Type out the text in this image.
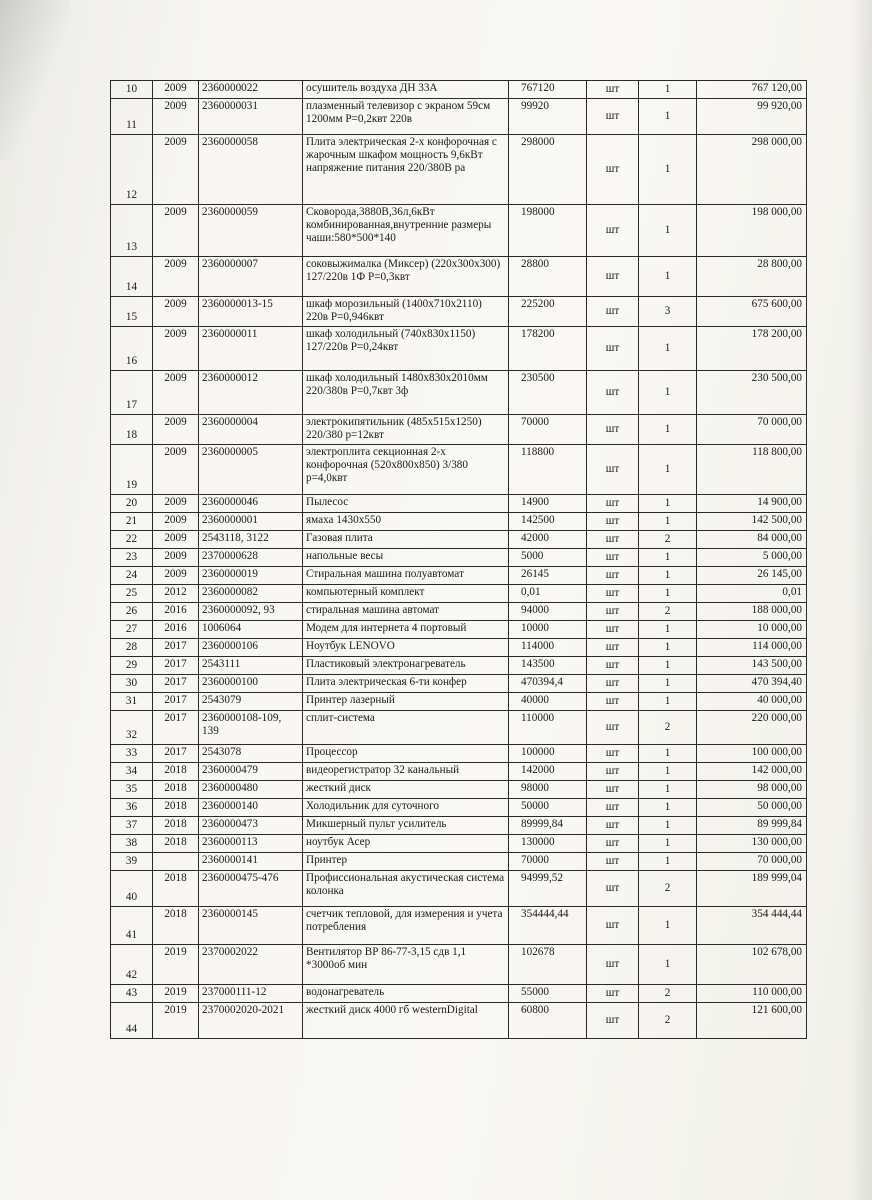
10	2009	2360000022	осушитель воздуха ДН 33А	767120	шт	1	767 120,00
11	2009	2360000031	плазменный телевизор с экраном 59см 1200мм Р=0,2квт 220в	99920	шт	1	99 920,00
12	2009	2360000058	Плита электрическая 2-х конфорочная с жарочным шкафом мощность 9,6кВт напряжение питания 220/380В ра	298000	шт	1	298 000,00
13	2009	2360000059	Сковорода,3880В,36л,6кВт комбинированная,внутренние размеры чаши:580*500*140	198000	шт	1	198 000,00
14	2009	2360000007	соковыжималка (Миксер) (220х300х300) 127/220в 1Ф Р=0,3квт	28800	шт	1	28 800,00
15	2009	2360000013-15	шкаф морозильный (1400х710х2110) 220в Р=0,946квт	225200	шт	3	675 600,00
16	2009	2360000011	шкаф холодильный (740х830х1150) 127/220в Р=0,24квт	178200	шт	1	178 200,00
17	2009	2360000012	шкаф холодильный 1480х830х2010мм 220/380в Р=0,7квт 3ф	230500	шт	1	230 500,00
18	2009	2360000004	электрокипятильник (485х515х1250) 220/380 р=12квт	70000	шт	1	70 000,00
19	2009	2360000005	электроплита секционная 2-х конфорочная (520х800х850) 3/380 р=4,0квт	118800	шт	1	118 800,00
20	2009	2360000046	Пылесос	14900	шт	1	14 900,00
21	2009	2360000001	ямаха 1430х550	142500	шт	1	142 500,00
22	2009	2543118, 3122	Газовая плита	42000	шт	2	84 000,00
23	2009	2370000628	напольные весы	5000	шт	1	5 000,00
24	2009	2360000019	Стиральная машина полуавтомат	26145	шт	1	26 145,00
25	2012	2360000082	компьютерный комплект	0,01	шт	1	0,01
26	2016	2360000092, 93	стиральная машина автомат	94000	шт	2	188 000,00
27	2016	1006064	Модем для интернета 4 портовый	10000	шт	1	10 000,00
28	2017	2360000106	Ноутбук LENOVO	114000	шт	1	114 000,00
29	2017	2543111	Пластиковый электронагреватель	143500	шт	1	143 500,00
30	2017	2360000100	Плита электрическая 6-ти конфер	470394,4	шт	1	470 394,40
31	2017	2543079	Принтер лазерный	40000	шт	1	40 000,00
32	2017	2360000108-109, 139	сплит-система	110000	шт	2	220 000,00
33	2017	2543078	Процессор	100000	шт	1	100 000,00
34	2018	2360000479	видеорегистратор 32 канальный	142000	шт	1	142 000,00
35	2018	2360000480	жесткий диск	98000	шт	1	98 000,00
36	2018	2360000140	Холодильник для суточного	50000	шт	1	50 000,00
37	2018	2360000473	Микшерный пульт усилитель	89999,84	шт	1	89 999,84
38	2018	2360000113	ноутбук Асер	130000	шт	1	130 000,00
39		2360000141	Принтер	70000	шт	1	70 000,00
40	2018	2360000475-476	Профиссиональная акустическая система колонка	94999,52	шт	2	189 999,04
41	2018	2360000145	счетчик тепловой, для измерения и учета потребления	354444,44	шт	1	354 444,44
42	2019	2370002022	Вентилятор ВР 86-77-3,15 сдв 1,1 *3000об мин	102678	шт	1	102 678,00
43	2019	237000111-12	водонагреватель	55000	шт	2	110 000,00
44	2019	2370002020-2021	жесткий диск 4000 гб westernDigital	60800	шт	2	121 600,00
